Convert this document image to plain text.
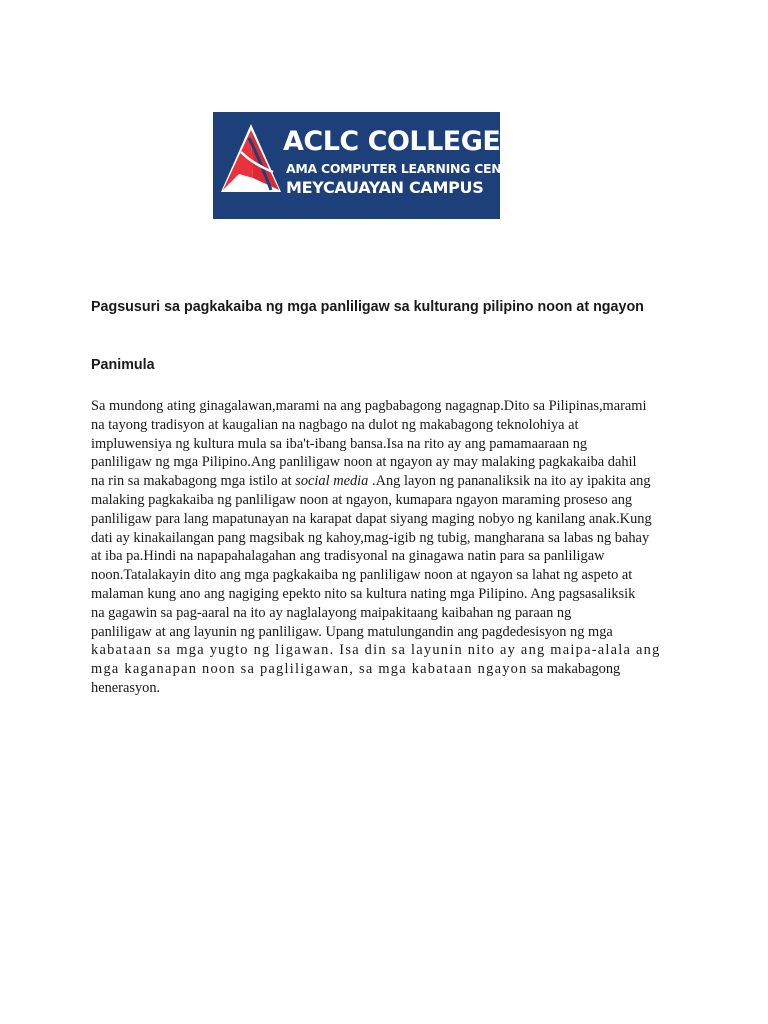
ACLC COLLEGE
AMA COMPUTER LEARNING CENTER
MEYCAUAYAN CAMPUS
Pagsusuri sa pagkakaiba ng mga panliligaw sa kulturang pilipino noon at ngayon
Panimula
Sa mundong ating ginagalawan,marami na ang pagbabagong nagagnap.Dito sa Pilipinas,marami
na tayong tradisyon at kaugalian na nagbago na dulot ng makabagong teknolohiya at
impluwensiya ng kultura mula sa iba't-ibang bansa.Isa na rito ay ang pamamaaraan ng
panliligaw ng mga Pilipino.Ang panliligaw noon at ngayon ay may malaking pagkakaiba dahil
na rin sa makabagong mga istilo at social media .Ang layon ng pananaliksik na ito ay ipakita ang
malaking pagkakaiba ng panliligaw noon at ngayon, kumapara ngayon maraming proseso ang
panliligaw para lang mapatunayan na karapat dapat siyang maging nobyo ng kanilang anak.Kung
dati ay kinakailangan pang magsibak ng kahoy,mag-igib ng tubig, mangharana sa labas ng bahay
at iba pa.Hindi na napapahalagahan ang tradisyonal na ginagawa natin para sa panliligaw
noon.Tatalakayin dito ang mga pagkakaiba ng panliligaw noon at ngayon sa lahat ng aspeto at
malaman kung ano ang nagiging epekto nito sa kultura nating mga Pilipino. Ang pagsasaliksik
na gagawin sa pag-aaral na ito ay naglalayong maipakitaang kaibahan ng paraan ng
panliligaw at ang layunin ng panliligaw. Upang matulungandin ang pagdedesisyon ng mga
kabataan sa mga yugto ng ligawan. Isa din sa layunin nito ay ang maipa-alala ang
mga kaganapan noon sa pagliligawan, sa mga kabataan ngayon sa makabagong
henerasyon.
